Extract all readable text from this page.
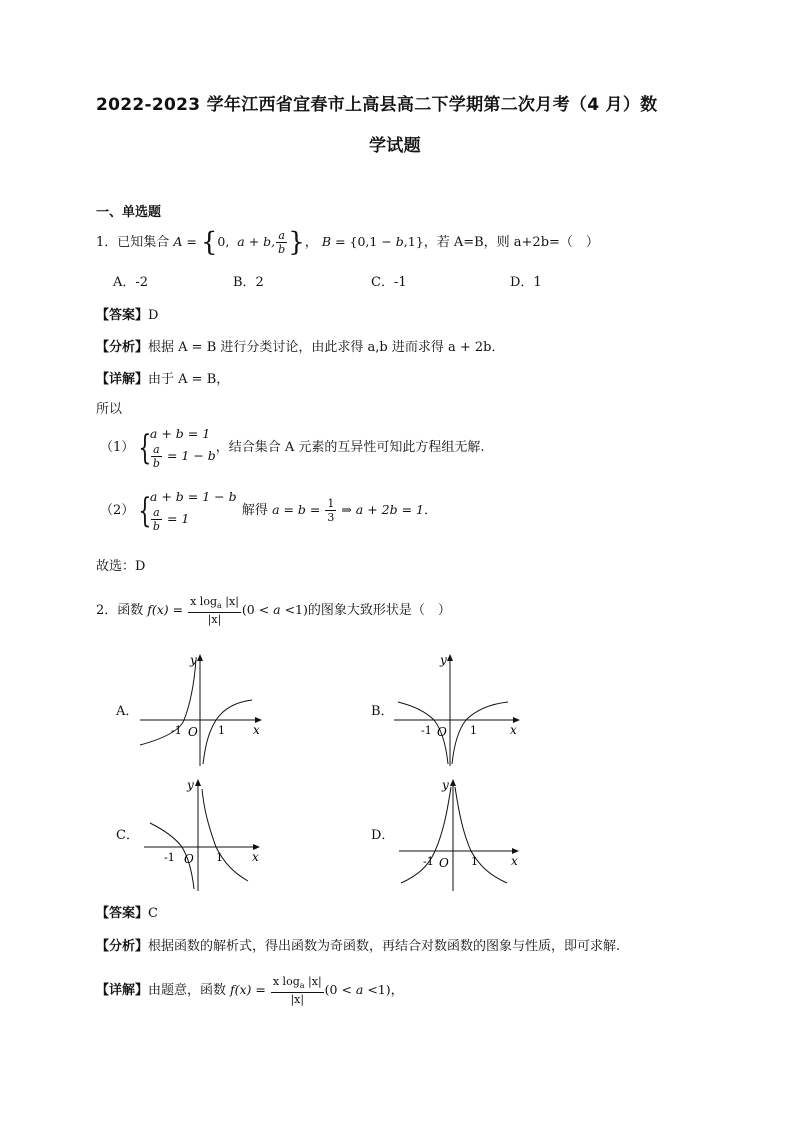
2022-2023 学年江西省宜春市上高县高二下学期第二次月考（4 月）数
学试题
一、单选题
1．已知集合 A = {0,  a + b, $\frac{a}{b}$ }， B = {0,1 − b,1}，若 A=B，则 a+2b=（　）
A．-2	B．2	C．-1	D．1
【答案】D
【分析】根据 A = B 进行分类讨论，由此求得 a,b 进而求得 a + 2b．
【详解】由于 A = B，
所以
（1） {
a + b = 1
$\frac{a}{b} = 1 - b$
，结合集合 A 元素的互异性可知此方程组无解.
（2） {
a + b = 1 − b
$\frac{a}{b} = 1$
解得 $a = b = \frac{1}{3}$ ⇒ a + 2b = 1．
故选：D
2．函数 $f(x) = \frac{x \log_a |x|}{|x|} (0 < a <1)$ 的图象大致形状是（　）
A．	B．
C．	D．
y
x
O
-1	1
y
x
O
-1	1
y
x
O
-1	1
y
x
O
-1	1
【答案】C
【分析】根据函数的解析式，得出函数为奇函数，再结合对数函数的图象与性质，即可求解.
【详解】 由题意，函数 $f(x) = \frac{x \log_a |x|}{|x|} (0 < a <1)$ ，
